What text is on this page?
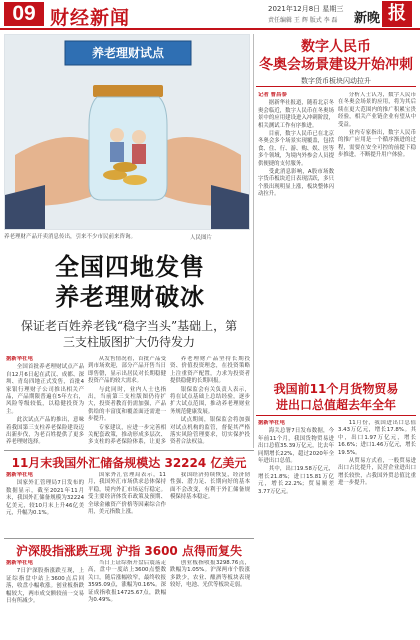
09 财经新闻	2021年12月8日 星期三
责任编辑 王 辉 版式 李 磊 新晚 报
养老理财试点
养老理财产品开卖消息传出，引来不少市民前来咨询。	人民图片
全国四地发售
养老理财破冰
保证老百姓养老钱“稳字当头”基础上，第
三支柱版图扩大仍待发力

据新华社电

全国首批养老理财试点产品自12月6日起在武汉、成都、深圳、青岛四地正式发售，首批4家银行理财子公司推出相关产品，产品期限普遍在5年左右，风险等级较低，以稳健投资为主。

此次试点产品的推出，意味着我国第三支柱养老保险建设迈出新步伐，为老百姓提供了更多养老理财选择。

从发售情况看，首批产品受到市场欢迎，部分产品开售当日即售罄，显示出居民对长期稳健投资产品的较大需求。

与此同时，业内人士也指出，当前第三支柱版图仍待扩大，投资者教育仍需加强，产品供给的丰富度和覆盖面还需进一步提升。

专家建议，应进一步完善相关配套政策，推动形成多层次、多支柱的养老保险体系，让更多

养老理财产品坚持长期投资、价值投资理念，在投资策略上注重资产配置，力求为投资者提供稳健的长期回报。

银保监会有关负责人表示，将在试点基础上总结经验，逐步扩大试点范围，推动养老理财业务规范健康发展。

试点期间，银保监会将加强对试点机构的监管，督促其严格落实风险管理要求，切实保护投资者合法权益。

数字人民币
冬奥会场景建设开始冲刺
数字货币板块闪动拉升

记者 曹昌泰

据新华社报道，随着北京冬奥会临近，数字人民币在冬奥场景中的应用建设进入冲刺阶段，相关测试工作有序推进。

目前，数字人民币已在北京冬奥会多个场景实现覆盖，包括食、住、行、游、购、娱、医等多个领域，为境内外参会人员提供便捷的支付服务。

受此消息影响，A股市场数字货币板块近日表现活跃，多只个股出现明显上涨，板块整体闪动拉升。

分析人士认为，数字人民币在冬奥会场景的应用，将为其后续在更大范围内的推广积累宝贵经验，相关产业链企业有望从中受益。

业内专家指出，数字人民币的推广应用是一个循序渐进的过程，需要在安全可控的前提下稳步推进，不断提升用户体验。

我国前11个月货物贸易
进出口总值超去年全年

据新华社电

海关总署7日发布数据，今年前11个月，我国货物贸易进出口总值35.39万亿元，比去年同期增长22%，超过2020年全年进出口总值。

其中，出口19.58万亿元，增长21.8%；进口15.81万亿元，增长22.2%；贸易顺差3.77万亿元。

11月份，我国进出口总值3.43万亿元，增长17.8%。其中，出口1.97万亿元，增长16.6%；进口1.46万亿元，增长19.5%。

从贸易方式看，一般贸易进出口占比提升，民营企业进出口增长较快，占我国外贸总值比重进一步提升。

11月末我国外汇储备规模达 32224 亿美元

据新华社电

国家外汇管理局7日发布的数据显示，截至2021年11月末，我国外汇储备规模为32224亿美元，较10月末上升46亿美元，升幅为0.1%。

国家外汇管理局表示，11月，我国外汇市场供求总体保持平稳，境内外汇市场运行稳定。受主要经济体货币政策及预期、全球金融资产价格等因素综合作用，美元指数上涨。

我国经济持续恢复，经济韧性强、潜力足、长期向好的基本面不会改变，有利于外汇储备规模保持基本稳定。

沪深股指涨跌互现 沪指 3600 点得而复失

据新华社电

7日沪深股指涨跌互现，上证综指盘中站上3600点后回落，收盘小幅收涨。创业板指跌幅较大，两市成交额较前一交易日有所减少。

当日上证综指开盘后震荡走高，盘中一度站上3600点整数关口，随后涨幅收窄，最终收报3595.09点，涨幅为0.16%。深证成指收报14725.67点，跌幅为0.49%。

创业板指收报3298.76点，跌幅为1.05%。沪深两市个股涨多跌少，农业、酿酒等板块表现较好，电池、光伏等板块走弱。
